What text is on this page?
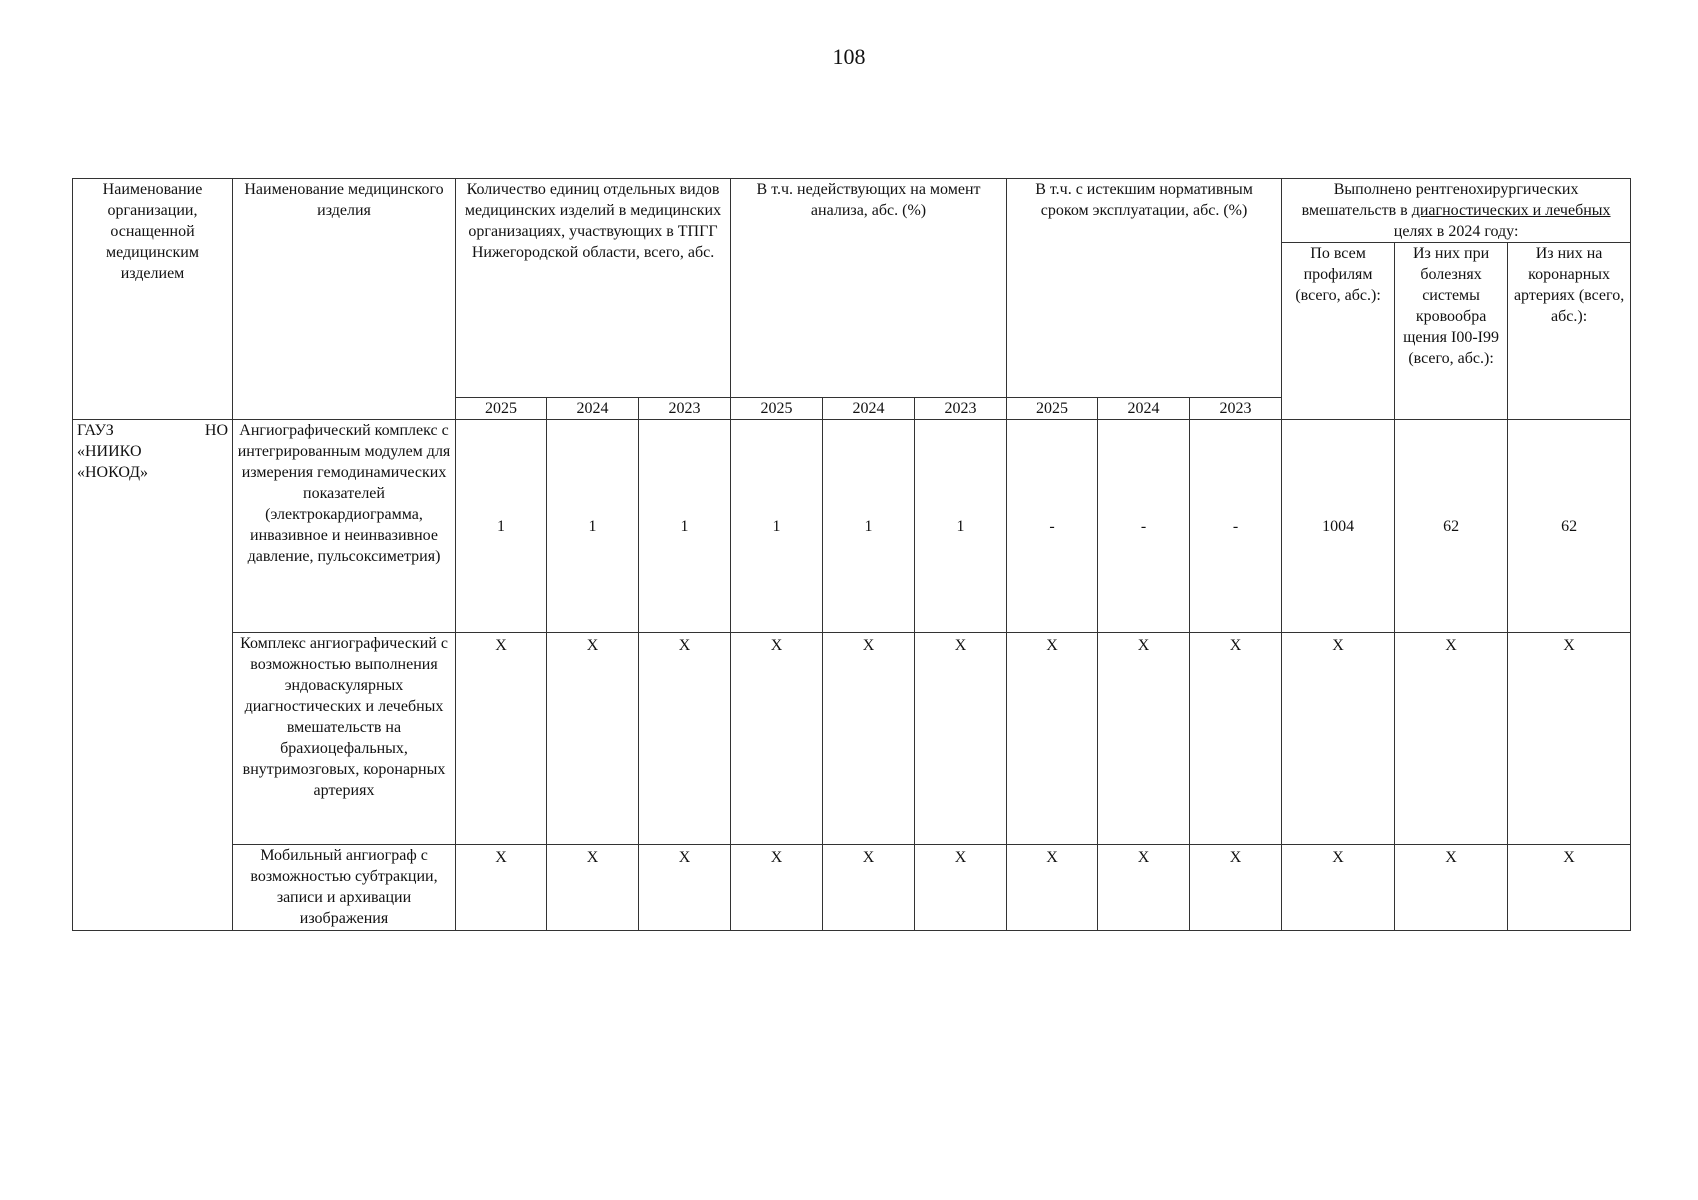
108
Наименование организации, оснащенной медицинским изделием	Наименование медицинского изделия	Количество единиц отдельных видов медицинских изделий в медицинских организациях, участвующих в ТПГГ Нижегородской области, всего, абс.			В т.ч. недействующих на момент анализа, абс. (%)			В т.ч. с истекшим нормативным сроком эксплуатации, абс. (%)			Выполнено рентгенохирургических вмешательств в диагностических и лечебных целях в 2024 году:		
											По всем профилям (всего, абс.):	Из них при болезнях системы кровообра щения I00-I99 (всего, абс.):	Из них на коронарных артериях (всего, абс.):
		2025	2024	2023	2025	2024	2023	2025	2024	2023			

ГАУЗ НО
«НИИКО
«НОКОД»	Ангиографический комплекс с интегрированным модулем для измерения гемодинамических показателей (электрокардиограмма, инвазивное и неинвазивное давление, пульсоксиметрия)	1	1	1	1	1	1	-	-	-	1004	62	62
	Комплекс ангиографический с возможностью выполнения эндоваскулярных диагностических и лечебных вмешательств на брахиоцефальных, внутримозговых, коронарных артериях	X	X	X	X	X	X	X	X	X	X	X	X
	Мобильный ангиограф с возможностью субтракции, записи и архивации изображения	X	X	X	X	X	X	X	X	X	X	X	X
